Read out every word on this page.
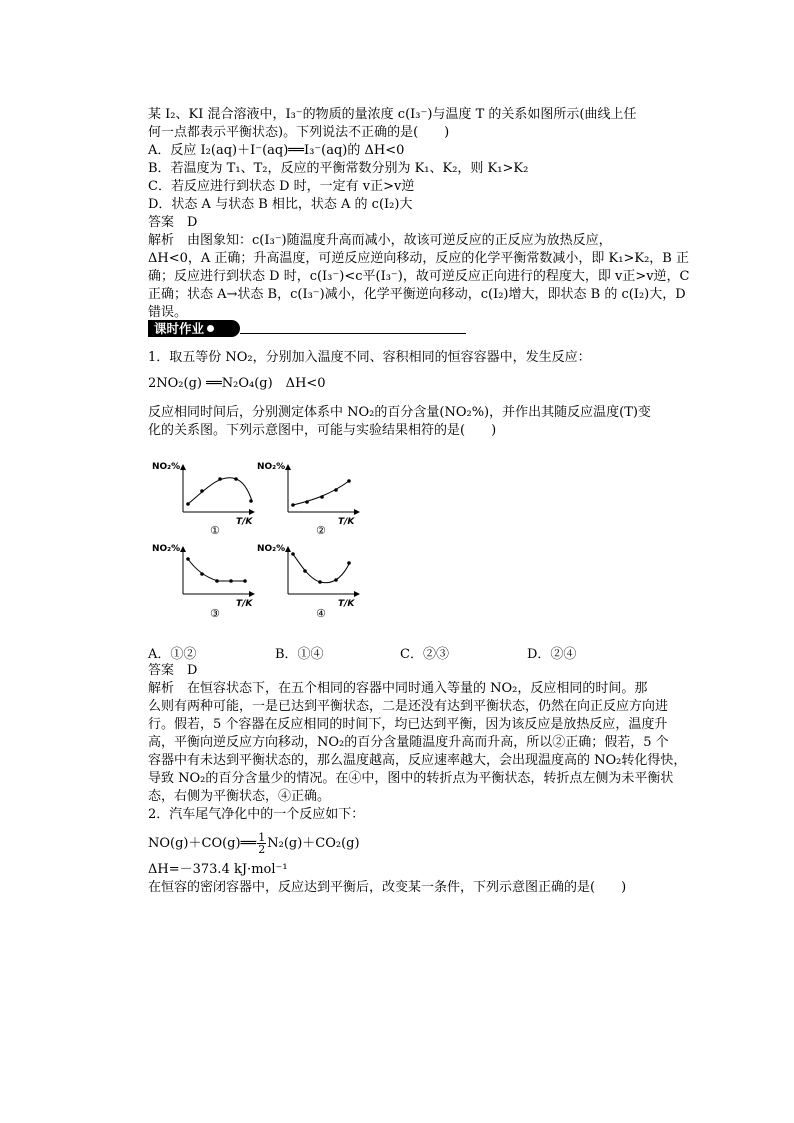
某 I₂、KI 混合溶液中，I₃⁻的物质的量浓度 c(I₃⁻)与温度 T 的关系如图所示(曲线上任
何一点都表示平衡状态)。下列说法不正确的是(　　)
A．反应 I₂(aq)＋I⁻(aq)══I₃⁻(aq)的 ΔH<0
B．若温度为 T₁、T₂，反应的平衡常数分别为 K₁、K₂，则 K₁>K₂
C．若反应进行到状态 D 时，一定有 v正>v逆
D．状态 A 与状态 B 相比，状态 A 的 c(I₂)大
答案　D
解析　由图象知：c(I₃⁻)随温度升高而减小，故该可逆反应的正反应为放热反应，
ΔH<0，A 正确；升高温度，可逆反应逆向移动，反应的化学平衡常数减小，即 K₁>K₂，B 正
确；反应进行到状态 D 时，c(I₃⁻)<c平(I₃⁻)，故可逆反应正向进行的程度大，即 v正>v逆，C
正确；状态 A→状态 B，c(I₃⁻)减小，化学平衡逆向移动，c(I₂)增大，即状态 B 的 c(I₂)大，D
错误。
课时作业
1．取五等份 NO₂，分别加入温度不同、容积相同的恒容容器中，发生反应：
2NO₂(g) ══N₂O₄(g)　ΔH<0
反应相同时间后，分别测定体系中 NO₂的百分含量(NO₂%)，并作出其随反应温度(T)变
化的关系图。下列示意图中，可能与实验结果相符的是(　　)
NO₂%
T/K
①
NO₂%
T/K
②
NO₂%
T/K
③
NO₂%
T/K
④
A．①②	B．①④	C．②③	D．②④
答案　D
解析　在恒容状态下，在五个相同的容器中同时通入等量的 NO₂，反应相同的时间。那
么则有两种可能，一是已达到平衡状态，二是还没有达到平衡状态，仍然在向正反应方向进
行。假若，5 个容器在反应相同的时间下，均已达到平衡，因为该反应是放热反应，温度升
高，平衡向逆反应方向移动，NO₂的百分含量随温度升高而升高，所以②正确；假若，5 个
容器中有未达到平衡状态的，那么温度越高，反应速率越大，会出现温度高的 NO₂转化得快，
导致 NO₂的百分含量少的情况。在④中，图中的转折点为平衡状态，转折点左侧为未平衡状
态，右侧为平衡状态，④正确。
2．汽车尾气净化中的一个反应如下：
NO(g)＋CO(g)══ $\frac{1}{2} N_2(g)+CO_2(g)$
ΔH=－373.4 kJ·mol⁻¹
在恒容的密闭容器中，反应达到平衡后，改变某一条件，下列示意图正确的是(　　)
